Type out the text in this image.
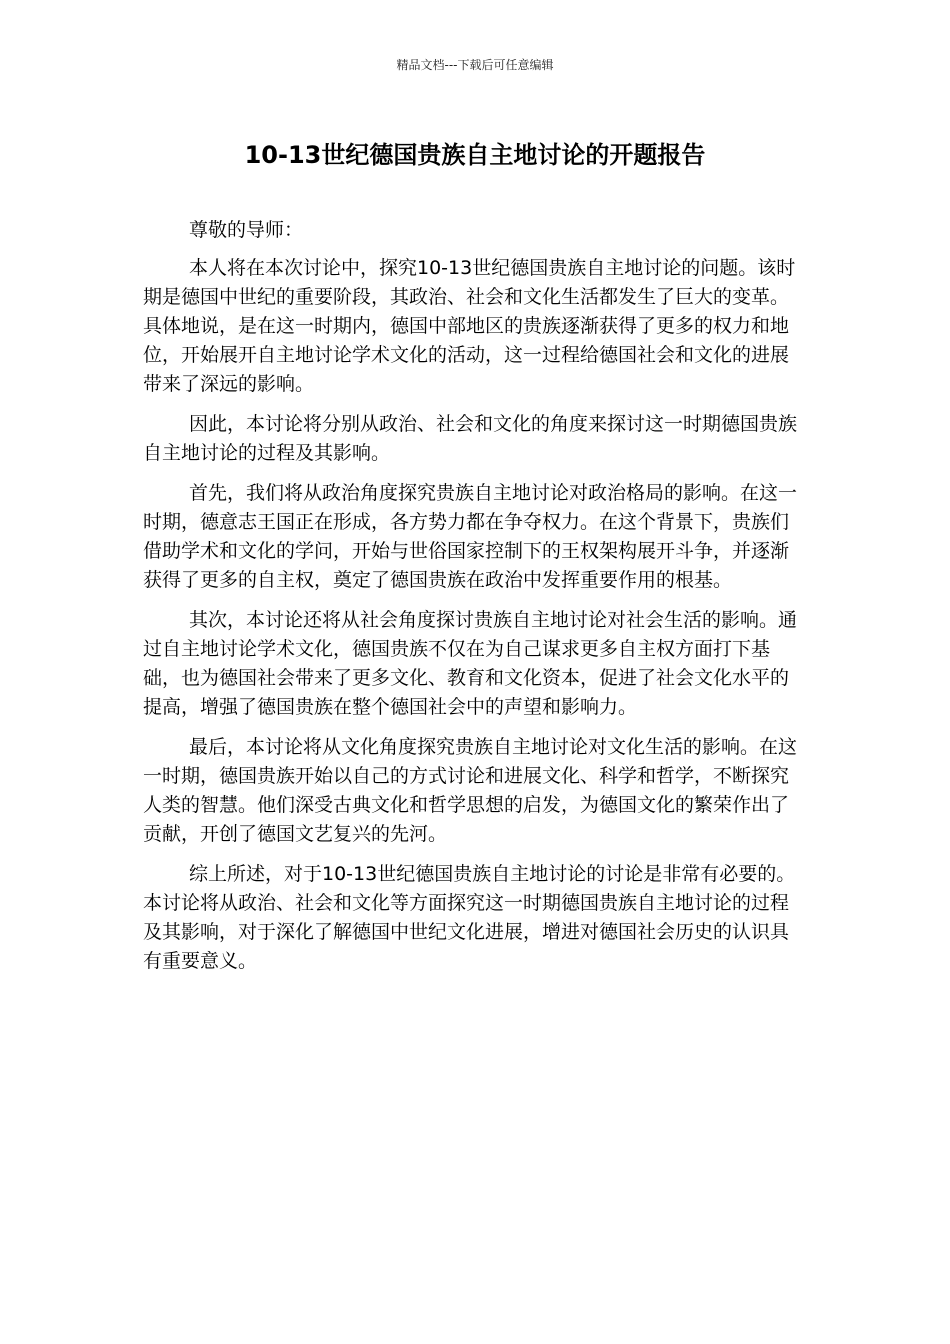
精品文档---下载后可任意编辑
10-13世纪德国贵族自主地讨论的开题报告

尊敬的导师：

本人将在本次讨论中，探究10-13世纪德国贵族自主地讨论的问题。该时期是德国中世纪的重要阶段，其政治、社会和文化生活都发生了巨大的变革。具体地说，是在这一时期内，德国中部地区的贵族逐渐获得了更多的权力和地位，开始展开自主地讨论学术文化的活动，这一过程给德国社会和文化的进展带来了深远的影响。

因此，本讨论将分别从政治、社会和文化的角度来探讨这一时期德国贵族自主地讨论的过程及其影响。

首先，我们将从政治角度探究贵族自主地讨论对政治格局的影响。在这一时期，德意志王国正在形成，各方势力都在争夺权力。在这个背景下，贵族们借助学术和文化的学问，开始与世俗国家控制下的王权架构展开斗争，并逐渐获得了更多的自主权，奠定了德国贵族在政治中发挥重要作用的根基。

其次，本讨论还将从社会角度探讨贵族自主地讨论对社会生活的影响。通过自主地讨论学术文化，德国贵族不仅在为自己谋求更多自主权方面打下基础，也为德国社会带来了更多文化、教育和文化资本，促进了社会文化水平的提高，增强了德国贵族在整个德国社会中的声望和影响力。

最后，本讨论将从文化角度探究贵族自主地讨论对文化生活的影响。在这一时期，德国贵族开始以自己的方式讨论和进展文化、科学和哲学，不断探究人类的智慧。他们深受古典文化和哲学思想的启发，为德国文化的繁荣作出了贡献，开创了德国文艺复兴的先河。

综上所述，对于10-13世纪德国贵族自主地讨论的讨论是非常有必要的。本讨论将从政治、社会和文化等方面探究这一时期德国贵族自主地讨论的过程及其影响，对于深化了解德国中世纪文化进展，增进对德国社会历史的认识具有重要意义。
